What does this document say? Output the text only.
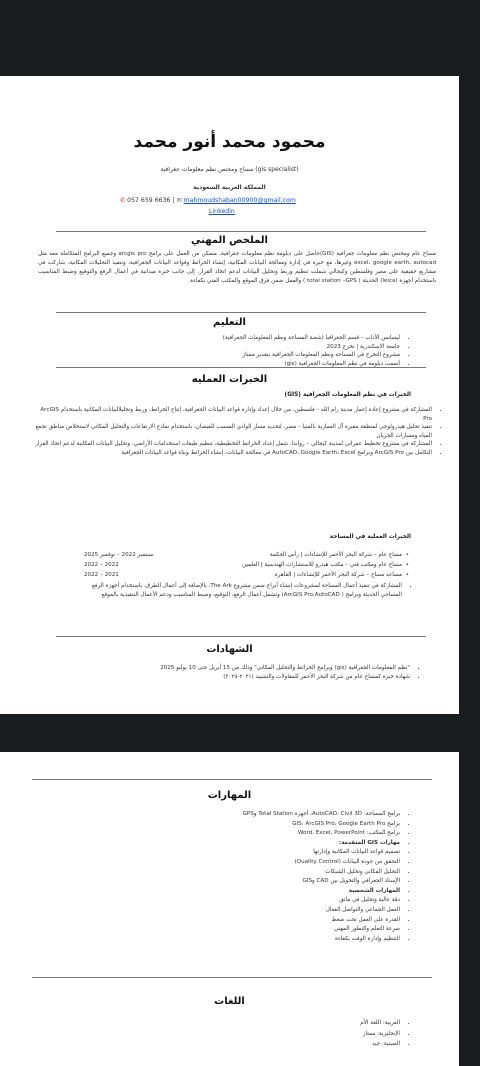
محمود محمد أنور محمد
(gis specialist) مساح ومختص نظم معلومات جغرافية
المملكة العربية السعودية
✆ 057 659 6636 | ✉ mahmoudshaban00900@gmail.com
Linkedin
الملخص المهني
مساح عام ومختص نظم معلومات جغرافية (GIS)حاصل على دبلومة نظم معلومات جغرافية، متمكن من العمل على برامج arcgis pro وجميع البرامج المتكاملة معه مثل excel، google earth، autocad وغيرها، مع خبرة في إدارة ومعالجة البيانات المكانية، إنشاء الخرائط وقواعد البيانات الجغرافية، وتنفيذ التحليلات المكانية. شاركت في مشاريع حقيقية على مصر وفلسطين وكيجالي شملت تنظيم وربط وتحليل البيانات لدعم اتخاذ القرار، إلى جانب خبرة ميدانية في أعمال الرفع والتوقيع وضبط المناسيب باستخدام أجهزة (leica) الحديثة ( total station –GPS ) والعمل ضمن فرق الموقع والمكتب الفني بكفاءة.
التعليم
• ليسانس الآداب – قسم الجغرافيا (شعبة المساحة ونظم المعلومات الجغرافية)
• جامعة الاسكندرية | تخرج 2023
• مشروع التخرج في المساحة ونظم المعلومات الجغرافية بتقدير ممتاز
• أتممت دبلومة في نظم المعلومات الجغرافية (gis)
الخبرات العمليه
الخبرات في نظم المعلومات الجغرافية (GIS)
• المشاركة في مشروع إعادة إعمار مدينة رام الله – فلسطين، من خلال إعداد وإدارة قواعد البيانات الجغرافية، إنتاج الخرائط، وربط وتحليلالبيانات المكانية باستخدام ArcGIS Pro
• تنفيذ تحليل هيدرولوجي لمنطقة مقبرة آل العمارية بالمنيا – مصر، لتحديد مسار الوادي المسبب للفيضان، باستخدام نماذج الارتفاعات والتحليل المكاني لاستخلاص مناطق تجمع المياه ومسارات الجريان
• المشاركة في مشروع تخطيط عمراني لمدينة كيجالي – رواندا، شمل إعداد الخرائط التخطيطية، تنظيم طبقات استخدامات الأراضي، وتحليل البيانات المكانية لدعم اتخاذ القرار
• التكامل بين ArcGIS Pro وبرامج AutoCAD، Google Earth، Excel في معالجة البيانات، إنشاء الخرائط وبناء قواعد البيانات الجغرافية
الخبرات العملية في المساحة
•
مساح عام – شركة البحر الأحمر للإنشاءات | رأس الحكمة
سبتمبر 2022 – نوفمبر 2025
•
مساح عام ومكتب فني – مكتب هيدرو للاستشارات الهندسية | العلمين
2022 – 2022
•
مساعد مساح – شركة البحر الأحمر للإنشاءات | القاهرة
2021 – 2022
• المشاركة في تنفيذ أعمال المساحة لمشروعات إنشاء أبراج ضمن مشروع The Ark، بالإضافة إلى أعمال الطرق، باستخدام أجهزة الرفع المساحي الحديثة وبرامج ( ArcGIS Pro,AutoCAD) وتشمل أعمال الرفع، التوقيع، وضبط المناسيب ودعم الأعمال التنفيذية بالموقع
الشهادات
• "نظم المعلومات الجغرافية (gis) وبرامج الخرائط والتحليل المكاني" وذلك من 15 أبريل حتى 10 يوليو 2025
• شهادة خبرة كمساح عام من شركة البحر الأحمر للمقاولات والتشييد (٢٠٢١-٢٠٢٥)
المهارات
• برامج المساحة: AutoCAD، Civil 3D، أجهزة Total Station وGPS
• برامج GIS: ArcGIS Pro، Google Earth Pro
• برامج المكتب: Word، Excel، PowerPoint
• مهارات GIS المتقدمة:
• تصميم قواعد البيانات المكانية وإدارتها
• التحقق من جودة البيانات (Quality Control)
• التحليل المكاني وتحليل الشبكات
• الإسناد الجغرافي والتحويل بين CAD وGIS
• المهارات الشخصية
• دقة عالية وتحليل في ماتق
• العمل الجماعي والتواصل الفعال
• القدرة على العمل تحت ضغط
• سرعة التعلم والتطور المهني
• التنظيم وإدارة الوقت بكفاءة
اللغات
• العربية: اللغة الأم
• الإنجليزية: ممتاز
• الصينية: جيد
